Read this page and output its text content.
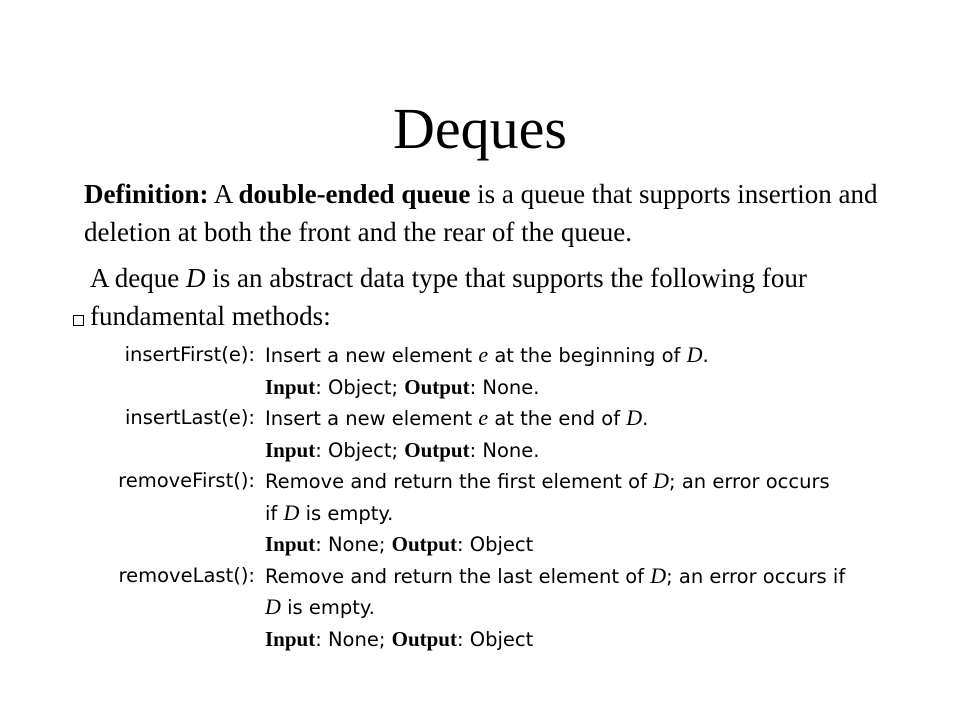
Deques
Definition: A double-ended queue is a queue that supports insertion and deletion at both the front and the rear of the queue.
A deque D is an abstract data type that supports the following four fundamental methods:
insertFirst(e): Insert a new element e at the beginning of D.
Input: Object; Output: None.
insertLast(e): Insert a new element e at the end of D.
Input: Object; Output: None.
removeFirst(): Remove and return the first element of D; an error occurs
if D is empty.
Input: None; Output: Object
removeLast(): Remove and return the last element of D; an error occurs if
D is empty.
Input: None; Output: Object
